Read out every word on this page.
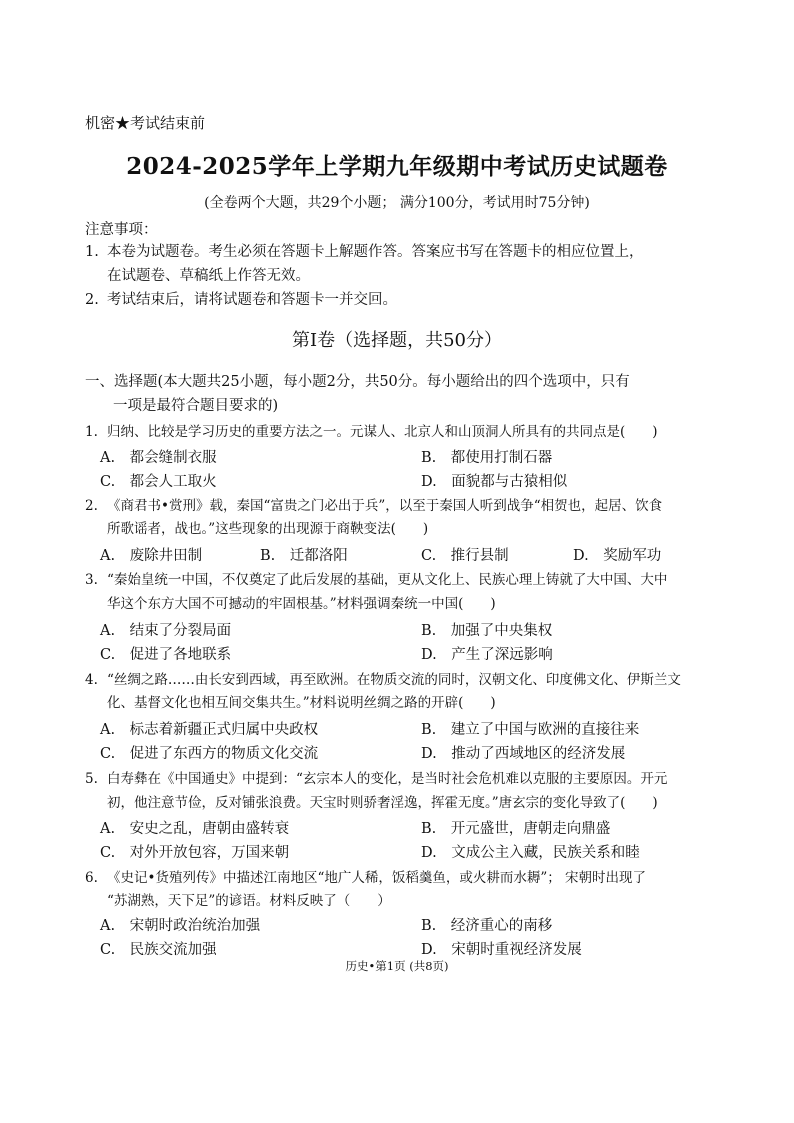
机密★考试结束前
2024-2025学年上学期九年级期中考试历史试题卷
(全卷两个大题，共29个小题； 满分100分，考试用时75分钟)
注意事项：
1. 本卷为试题卷。考生必须在答题卡上解题作答。答案应书写在答题卡的相应位置上，
在试题卷、草稿纸上作答无效。
2. 考试结束后，请将试题卷和答题卡一并交回。
第Ⅰ卷（选择题，共50分）
一、选择题(本大题共25小题，每小题2分，共50分。每小题给出的四个选项中，只有
一项是最符合题目要求的)
1. 归纳、比较是学习历史的重要方法之一。元谋人、北京人和山顶洞人所具有的共同点是(　　)
A.　都会缝制衣服	B.　都使用打制石器
C.　都会人工取火	D.　面貌都与古猿相似
2. 《商君书•赏刑》载，秦国“富贵之门必出于兵”，以至于秦国人听到战争“相贺也，起居、饮食
所歌谣者，战也。”这些现象的出现源于商鞅变法(　　)
A.　废除井田制	B.　迁都洛阳	C.　推行县制	D.　奖励军功
3. “秦始皇统一中国，不仅奠定了此后发展的基础，更从文化上、民族心理上铸就了大中国、大中
华这个东方大国不可撼动的牢固根基。”材料强调秦统一中国(　　)
A.　结束了分裂局面	B.　加强了中央集权
C.　促进了各地联系	D.　产生了深远影响
4. “丝绸之路……由长安到西域，再至欧洲。在物质交流的同时，汉朝文化、印度佛文化、伊斯兰文
化、基督文化也相互间交集共生。”材料说明丝绸之路的开辟(　　)
A.　标志着新疆正式归属中央政权	B.　建立了中国与欧洲的直接往来
C.　促进了东西方的物质文化交流	D.　推动了西域地区的经济发展
5. 白寿彝在《中国通史》中提到：“玄宗本人的变化，是当时社会危机难以克服的主要原因。开元
初，他注意节俭，反对铺张浪费。天宝时则骄奢淫逸，挥霍无度。”唐玄宗的变化导致了(　　)
A.　安史之乱，唐朝由盛转衰	B.　开元盛世，唐朝走向鼎盛
C.　对外开放包容，万国来朝	D.　文成公主入藏，民族关系和睦
6. 《史记•货殖列传》中描述江南地区“地广人稀，饭稻羹鱼，或火耕而水耨”； 宋朝时出现了
“苏湖熟，天下足”的谚语。材料反映了（　　）
A.　宋朝时政治统治加强	B.　经济重心的南移
C.　民族交流加强	D.　宋朝时重视经济发展
历史•第1页 (共8页)
